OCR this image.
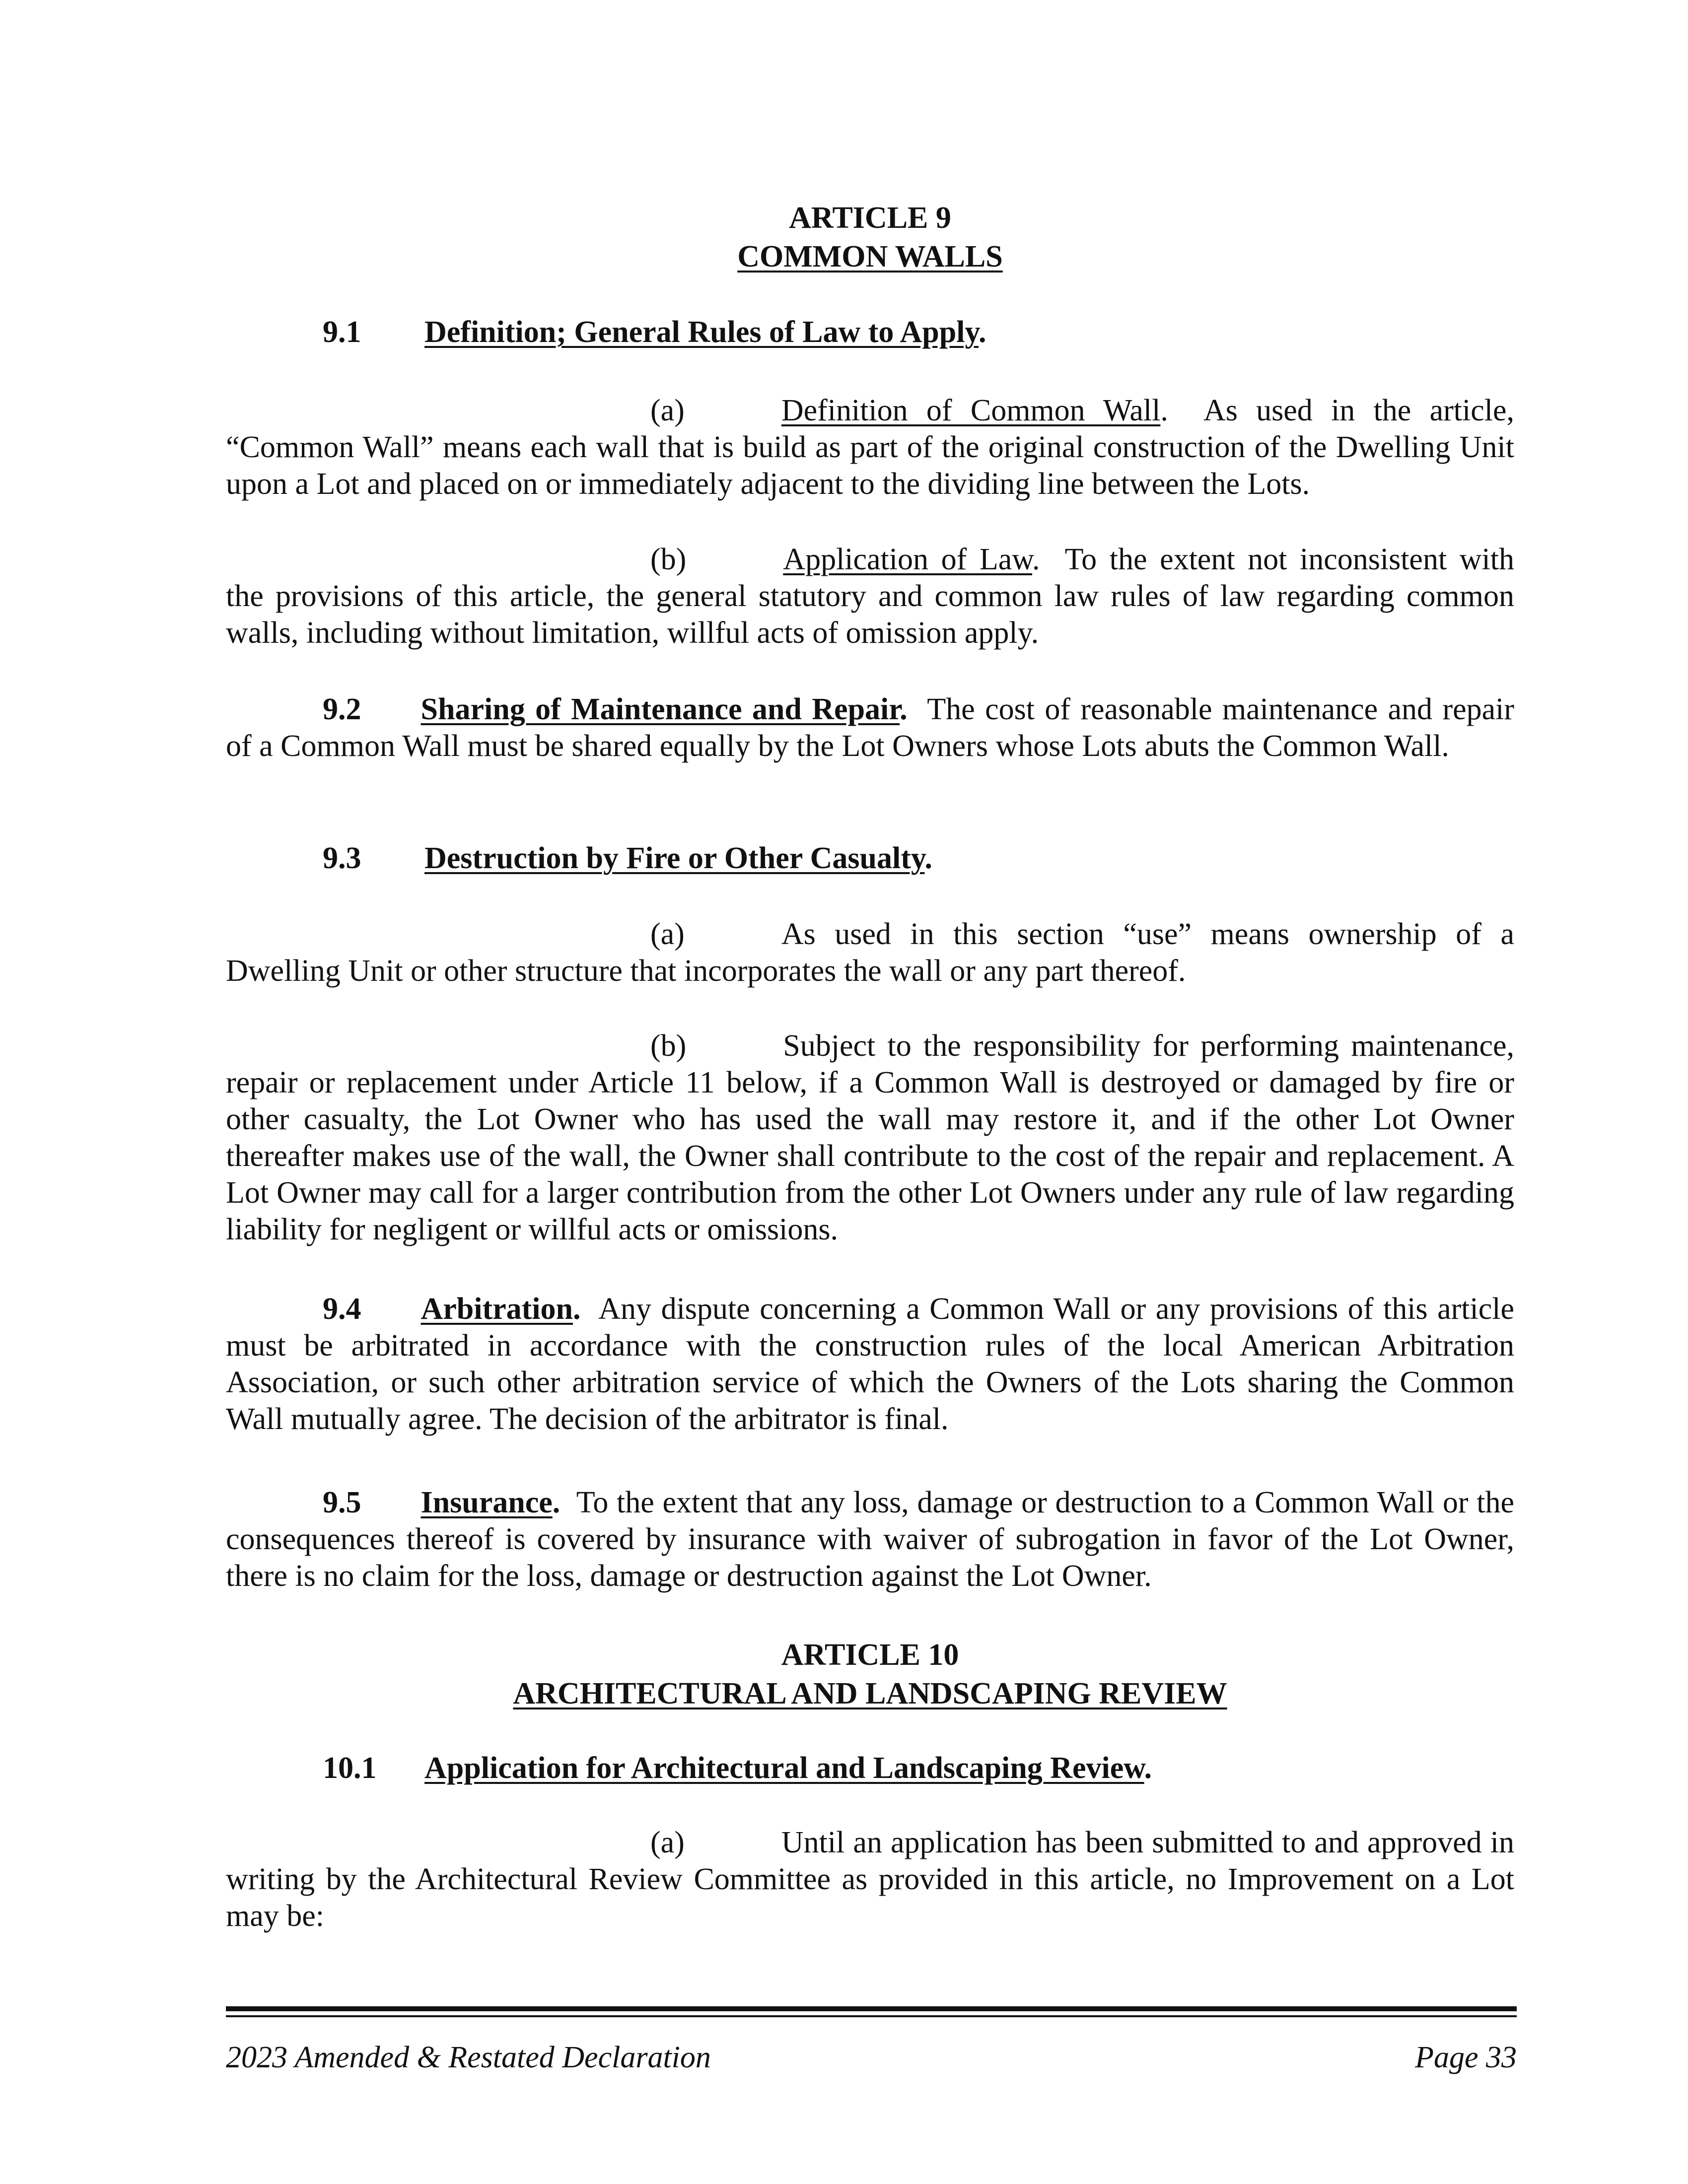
ARTICLE 9

COMMON WALLS

9.1 Definition; General Rules of Law to Apply.

(a)	Definition of Common Wall.  As used in the article, “Common Wall” means each wall that is build as part of the original construction of the Dwelling Unit upon a Lot and placed on or immediately adjacent to the dividing line between the Lots.

(b)	Application of Law.  To the extent not inconsistent with the provisions of this article, the general statutory and common law rules of law regarding common walls, including without limitation, willful acts of omission apply.

9.2 Sharing of Maintenance and Repair. The cost of reasonable maintenance and repair of a Common Wall must be shared equally by the Lot Owners whose Lots abuts the Common Wall.

9.3 Destruction by Fire or Other Casualty.

(a)	As used in this section “use” means ownership of a Dwelling Unit or other structure that incorporates the wall or any part thereof.

(b)	Subject to the responsibility for performing maintenance, repair or replacement under Article 11 below, if a Common Wall is destroyed or damaged by fire or other casualty, the Lot Owner who has used the wall may restore it, and if the other Lot Owner thereafter makes use of the wall, the Owner shall contribute to the cost of the repair and replacement. A Lot Owner may call for a larger contribution from the other Lot Owners under any rule of law regarding liability for negligent or willful acts or omissions.

9.4 Arbitration. Any dispute concerning a Common Wall or any provisions of this article must be arbitrated in accordance with the construction rules of the local American Arbitration Association, or such other arbitration service of which the Owners of the Lots sharing the Common Wall mutually agree. The decision of the arbitrator is final.

9.5 Insurance. To the extent that any loss, damage or destruction to a Common Wall or the consequences thereof is covered by insurance with waiver of subrogation in favor of the Lot Owner, there is no claim for the loss, damage or destruction against the Lot Owner.

ARTICLE 10

ARCHITECTURAL AND LANDSCAPING REVIEW

10.1 Application for Architectural and Landscaping Review.

(a)	Until an application has been submitted to and approved in writing by the Architectural Review Committee as provided in this article, no Improvement on a Lot may be:

2023 Amended & Restated Declaration	Page 33
